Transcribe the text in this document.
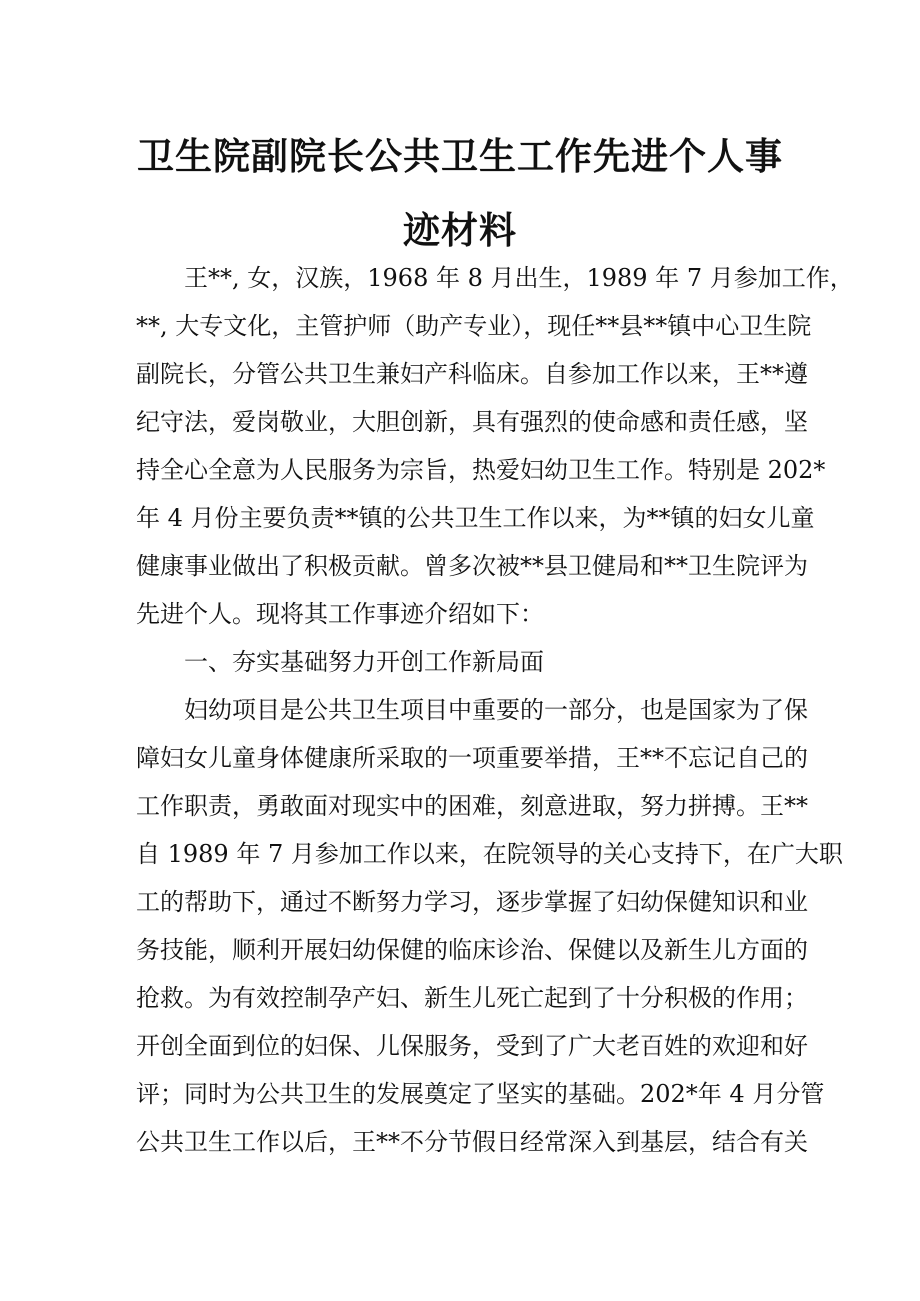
卫生院副院长公共卫生工作先进个人事
迹材料
王**, 女，汉族，1968 年 8 月出生，1989 年 7 月参加工作，
**, 大专文化，主管护师（助产专业），现任**县**镇中心卫生院
副院长，分管公共卫生兼妇产科临床。自参加工作以来，王**遵
纪守法，爱岗敬业，大胆创新，具有强烈的使命感和责任感，坚
持全心全意为人民服务为宗旨，热爱妇幼卫生工作。特别是 202*
年 4 月份主要负责**镇的公共卫生工作以来，为**镇的妇女儿童
健康事业做出了积极贡献。曾多次被**县卫健局和**卫生院评为
先进个人。现将其工作事迹介绍如下：
一、夯实基础努力开创工作新局面
妇幼项目是公共卫生项目中重要的一部分，也是国家为了保
障妇女儿童身体健康所采取的一项重要举措，王**不忘记自己的
工作职责，勇敢面对现实中的困难，刻意进取，努力拼搏。王**
自 1989 年 7 月参加工作以来，在院领导的关心支持下，在广大职
工的帮助下，通过不断努力学习，逐步掌握了妇幼保健知识和业
务技能，顺利开展妇幼保健的临床诊治、保健以及新生儿方面的
抢救。为有效控制孕产妇、新生儿死亡起到了十分积极的作用；
开创全面到位的妇保、儿保服务，受到了广大老百姓的欢迎和好
评；同时为公共卫生的发展奠定了坚实的基础。202*年 4 月分管
公共卫生工作以后，王**不分节假日经常深入到基层，结合有关
